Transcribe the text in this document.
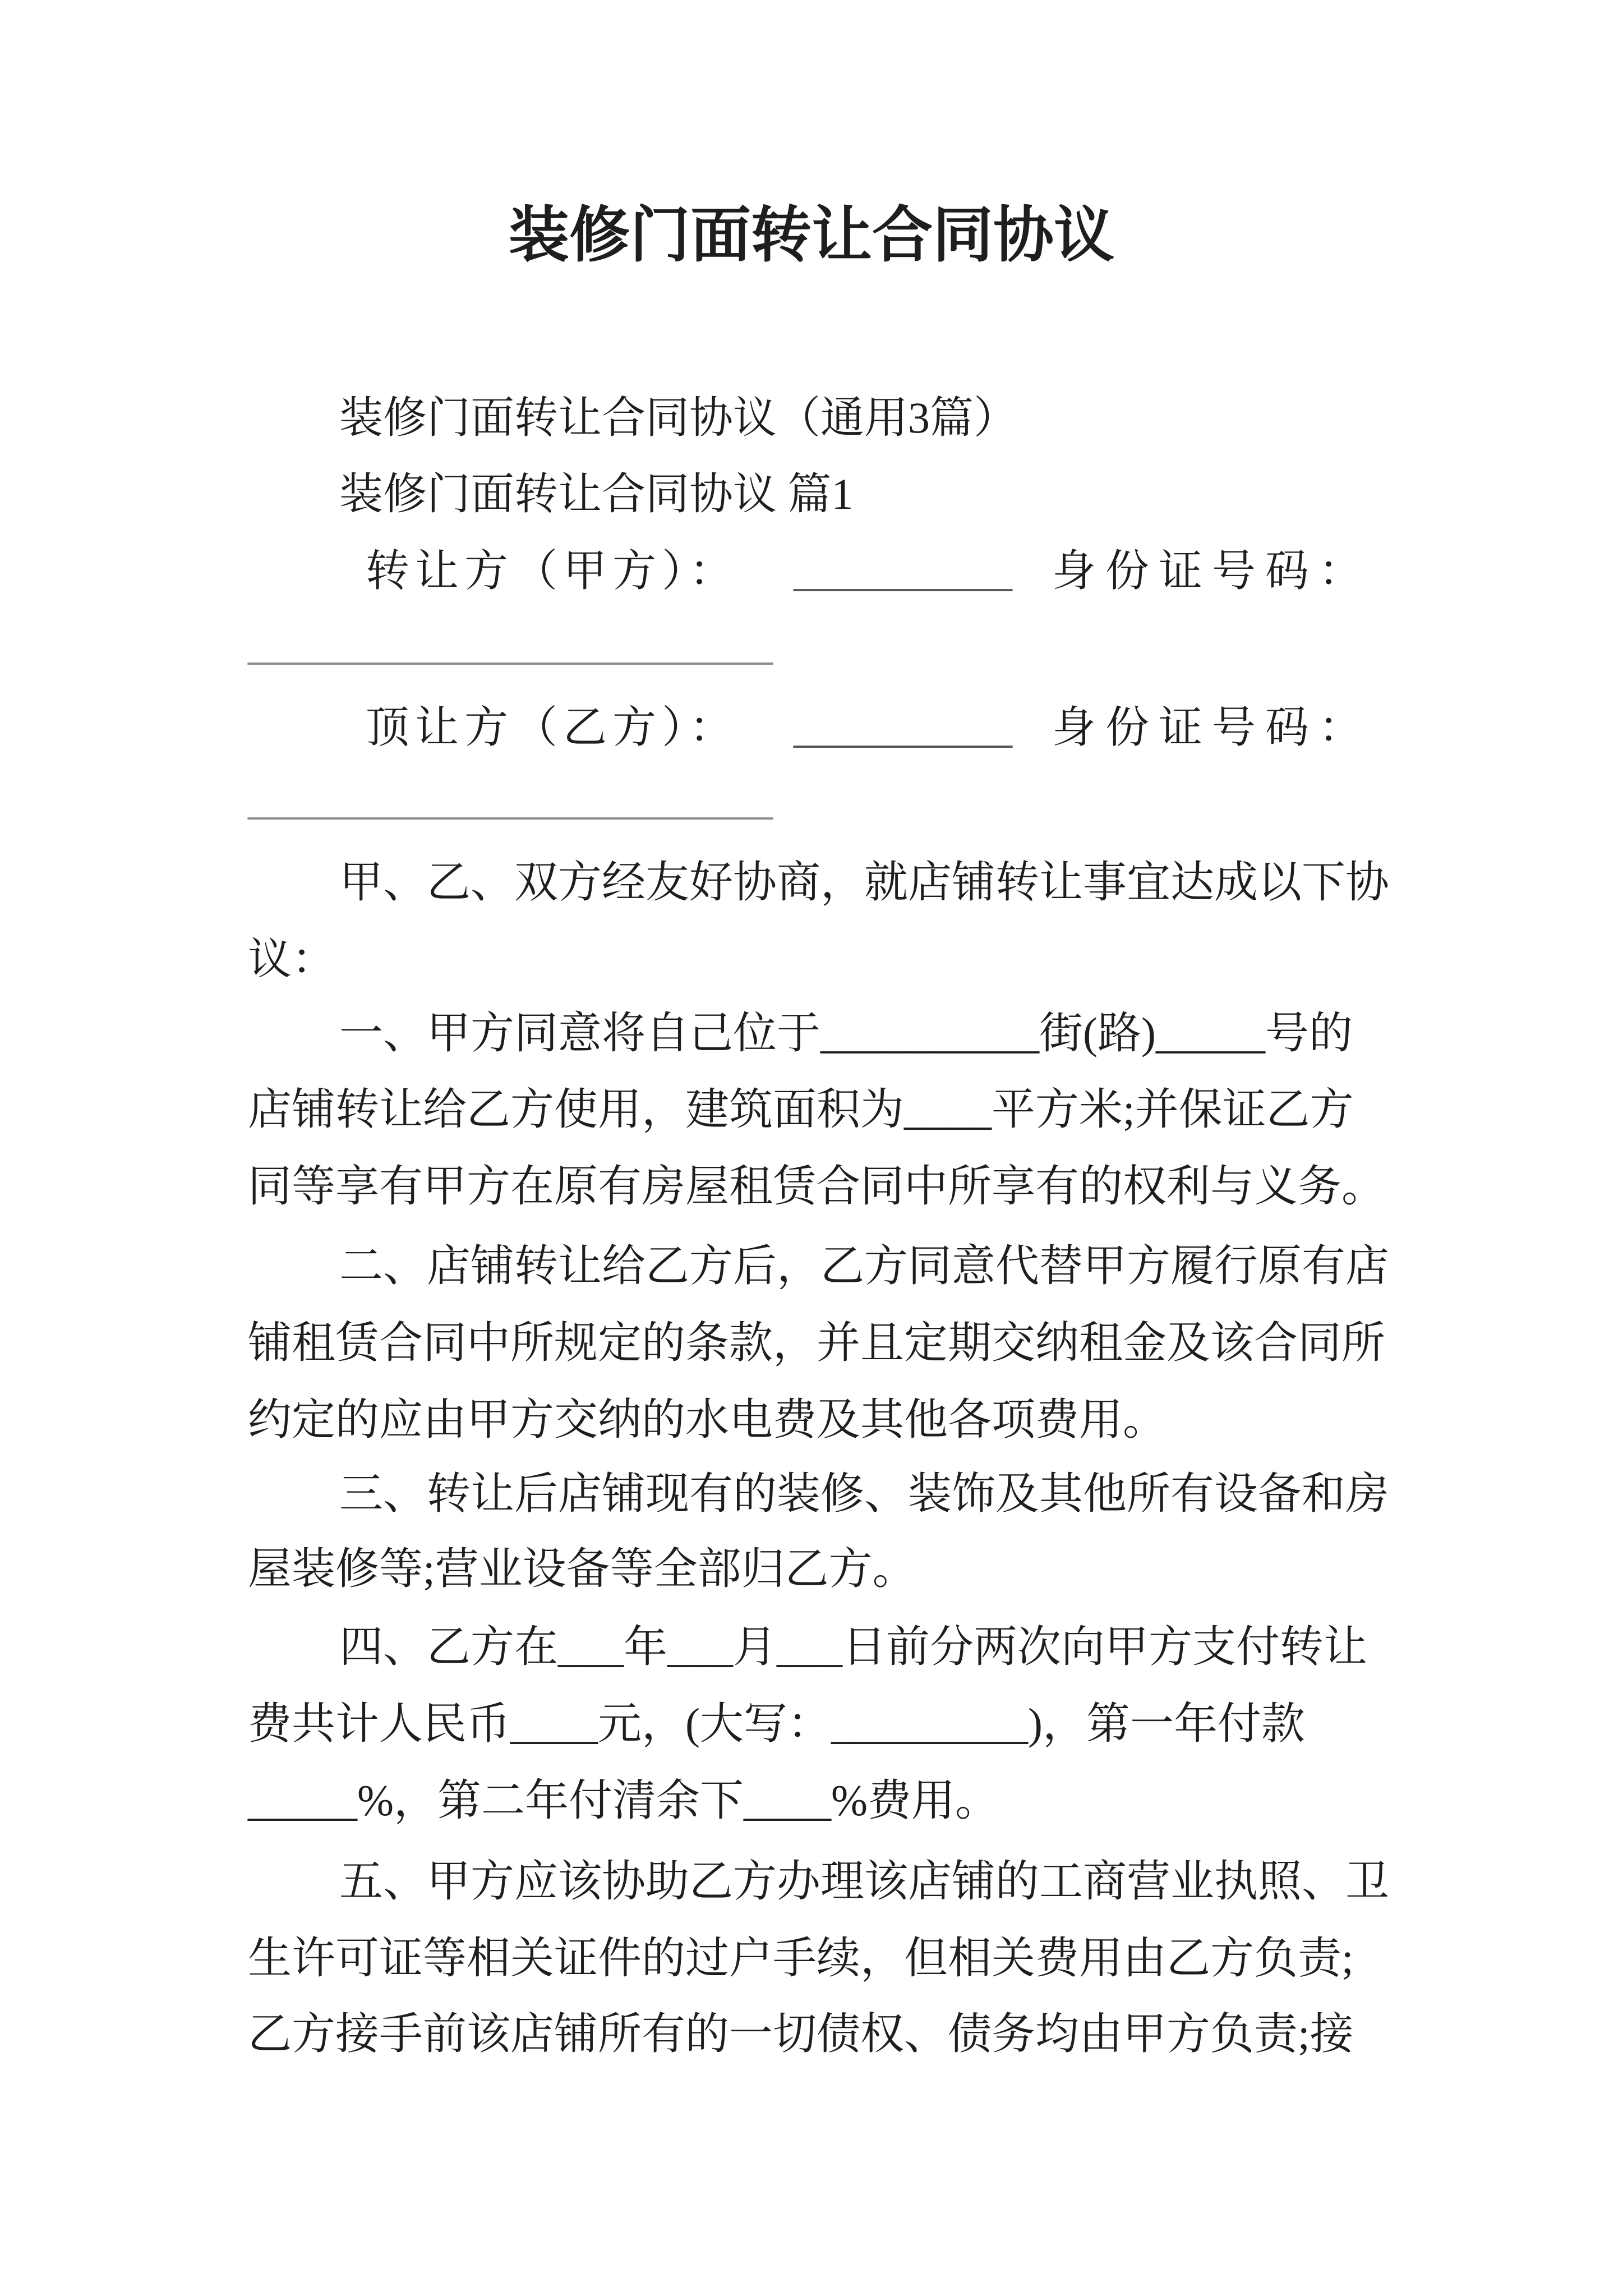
装修门面转让合同协议
装修门面转让合同协议（通用3篇）
装修门面转让合同协议 篇1
转让方（甲方）： __________ 身份证号码：
________________________
顶让方（乙方）： __________ 身份证号码：
________________________
甲、乙、双方经友好协商，就店铺转让事宜达成以下协
议：
一、甲方同意将自己位于__________街(路)_____号的
店铺转让给乙方使用，建筑面积为____平方米;并保证乙方
同等享有甲方在原有房屋租赁合同中所享有的权利与义务。
二、店铺转让给乙方后，乙方同意代替甲方履行原有店
铺租赁合同中所规定的条款，并且定期交纳租金及该合同所
约定的应由甲方交纳的水电费及其他各项费用。
三、转让后店铺现有的装修、装饰及其他所有设备和房
屋装修等;营业设备等全部归乙方。
四、乙方在___年___月___日前分两次向甲方支付转让
费共计人民币____元，(大写：_________)，第一年付款
_____%，第二年付清余下____%费用。
五、甲方应该协助乙方办理该店铺的工商营业执照、卫
生许可证等相关证件的过户手续，但相关费用由乙方负责;
乙方接手前该店铺所有的一切债权、债务均由甲方负责;接
